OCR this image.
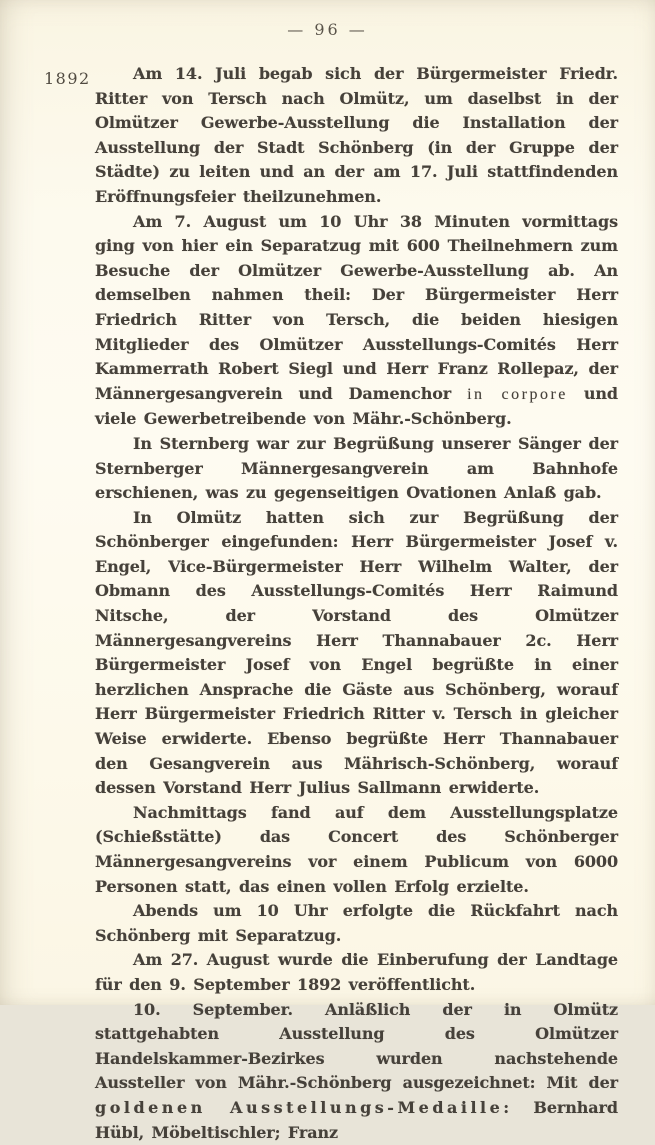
— 96 —
1892	Am 14. Juli begab sich der Bürgermeister Friedr. Ritter von Tersch nach Olmütz, um daselbst in der Olmützer Gewerbe-Ausstellung die Installation der Ausstellung der Stadt Schönberg (in der Gruppe der Städte) zu leiten und an der am 17. Juli stattfindenden Eröffnungsfeier theilzunehmen.

Am 7. August um 10 Uhr 38 Minuten vormittags ging von hier ein Separatzug mit 600 Theilnehmern zum Besuche der Olmützer Gewerbe-Ausstellung ab. An demselben nahmen theil: Der Bürgermeister Herr Friedrich Ritter von Tersch, die beiden hiesigen Mitglieder des Olmützer Ausstellungs-Comités Herr Kammerrath Robert Siegl und Herr Franz Rollepaz, der Männergesangverein und Damenchor in corpore und viele Gewerbetreibende von Mähr.-Schönberg.

In Sternberg war zur Begrüßung unserer Sänger der Sternberger Männergesangverein am Bahnhofe erschienen, was zu gegenseitigen Ovationen Anlaß gab.

In Olmütz hatten sich zur Begrüßung der Schönberger eingefunden: Herr Bürgermeister Josef v. Engel, Vice-Bürgermeister Herr Wilhelm Walter, der Obmann des Ausstellungs-Comités Herr Raimund Nitsche, der Vorstand des Olmützer Männergesangvereins Herr Thannabauer 2c. Herr Bürgermeister Josef von Engel begrüßte in einer herzlichen Ansprache die Gäste aus Schönberg, worauf Herr Bürgermeister Friedrich Ritter v. Tersch in gleicher Weise erwiderte. Ebenso begrüßte Herr Thannabauer den Gesangverein aus Mährisch-Schönberg, worauf dessen Vorstand Herr Julius Sallmann erwiderte.

Nachmittags fand auf dem Ausstellungsplatze (Schießstätte) das Concert des Schönberger Männergesangvereins vor einem Publicum von 6000 Personen statt, das einen vollen Erfolg erzielte.

Abends um 10 Uhr erfolgte die Rückfahrt nach Schönberg mit Separatzug.

Am 27. August wurde die Einberufung der Landtage für den 9. September 1892 veröffentlicht.

10. September. Anläßlich der in Olmütz stattgehabten Ausstellung des Olmützer Handelskammer-Bezirkes wurden nachstehende Aussteller von Mähr.-Schönberg ausgezeichnet: Mit der goldenen Ausstellungs-Medaille: Bernhard Hübl, Möbeltischler; Franz
